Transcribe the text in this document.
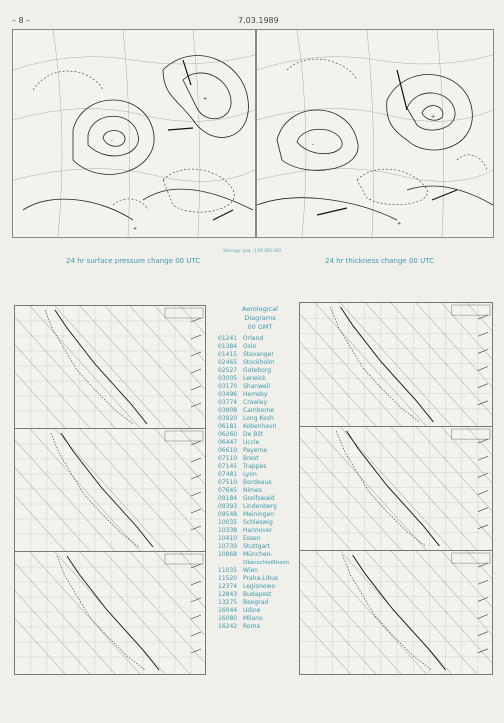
– 8 –	7.03.1989
-
+
+
-
+
+
Stereogr. proj.: 1:60 000 000
24 hr surface pressure change 00 UTC	24 hr thickness change 00 UTC
Aerological
Diagrams
00 GMT
01241 Orland
01384 Oslo
01415 Stavanger
02465 Stockholm
02527 Goteborg
03005 Lerwick
03170 Shanwell
03496 Hemsby
03774 Crawley
03808 Camborne
03920 Long Kesh
06181 Kobenhavn
06260 De Bilt
06447 Uccle
06610 Payerne
07110 Brest
07145 Trappes
07481 Lyon
07510 Bordeaux
07645 Nimes
09184 Greifswald
09393 Lindenberg
09548 Meiningen
10035 Schleswig
10338 Hannover
10410 Essen
10739 Stuttgart
10868 München-
Oberschleißheim
11035 Wien
11520 Praha-Libus
12374 Legionowo
12843 Budapest
13275 Beograd
16044 Udine
16080 Milano
16242 Roma
